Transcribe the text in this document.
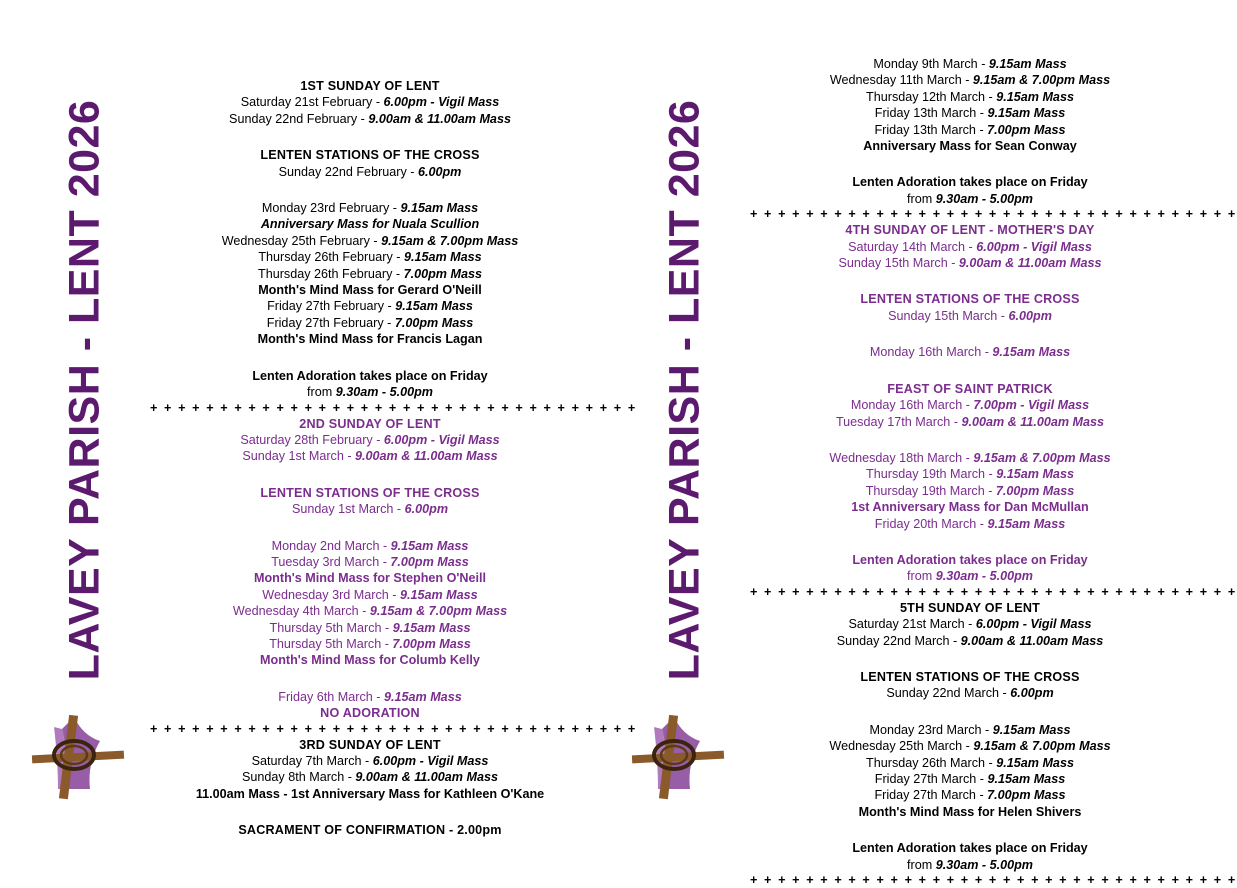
LAVEY PARISH - LENT 2026
1ST SUNDAY OF LENT
Saturday 21st February - 6.00pm - Vigil Mass
Sunday 22nd February - 9.00am & 11.00am Mass
LENTEN STATIONS OF THE CROSS
Sunday 22nd February - 6.00pm
Monday 23rd February - 9.15am Mass
Anniversary Mass for Nuala Scullion
Wednesday 25th February - 9.15am & 7.00pm Mass
Thursday 26th February - 9.15am Mass
Thursday 26th February - 7.00pm Mass
Month's Mind Mass for Gerard O'Neill
Friday 27th February - 9.15am Mass
Friday 27th February - 7.00pm Mass
Month's Mind Mass for Francis Lagan
Lenten Adoration takes place on Friday
from 9.30am - 5.00pm
+ + + + + + + + + + + + + + + + + + + + + + + + + + + + + + + + + + +
2ND SUNDAY OF LENT
Saturday 28th February - 6.00pm - Vigil Mass
Sunday 1st March - 9.00am & 11.00am Mass
LENTEN STATIONS OF THE CROSS
Sunday 1st March - 6.00pm
Monday 2nd March - 9.15am Mass
Tuesday 3rd March - 7.00pm Mass
Month's Mind Mass for Stephen O'Neill
Wednesday 3rd March - 9.15am Mass
Wednesday 4th March - 9.15am & 7.00pm Mass
Thursday 5th March - 9.15am Mass
Thursday 5th March - 7.00pm Mass
Month's Mind Mass for Columb Kelly
Friday 6th March - 9.15am Mass
NO ADORATION
+ + + + + + + + + + + + + + + + + + + + + + + + + + + + + + + + + + +
3RD SUNDAY OF LENT
Saturday 7th March - 6.00pm - Vigil Mass
Sunday 8th March - 9.00am & 11.00am Mass
11.00am Mass - 1st Anniversary Mass for Kathleen O'Kane
SACRAMENT OF CONFIRMATION - 2.00pm
LAVEY PARISH - LENT 2026
Monday 9th March - 9.15am Mass
Wednesday 11th March - 9.15am & 7.00pm Mass
Thursday 12th March - 9.15am Mass
Friday 13th March - 9.15am Mass
Friday 13th March - 7.00pm Mass
Anniversary Mass for Sean Conway
Lenten Adoration takes place on Friday
from 9.30am - 5.00pm
+ + + + + + + + + + + + + + + + + + + + + + + + + + + + + + + + + + +
4TH SUNDAY OF LENT - MOTHER'S DAY
Saturday 14th March - 6.00pm - Vigil Mass
Sunday 15th March - 9.00am & 11.00am Mass
LENTEN STATIONS OF THE CROSS
Sunday 15th March - 6.00pm
Monday 16th March - 9.15am Mass
FEAST OF SAINT PATRICK
Monday 16th March - 7.00pm - Vigil Mass
Tuesday 17th March - 9.00am & 11.00am Mass
Wednesday 18th March - 9.15am & 7.00pm Mass
Thursday 19th March - 9.15am Mass
Thursday 19th March - 7.00pm Mass
1st Anniversary Mass for Dan McMullan
Friday 20th March - 9.15am Mass
Lenten Adoration takes place on Friday
from 9.30am - 5.00pm
+ + + + + + + + + + + + + + + + + + + + + + + + + + + + + + + + + + +
5TH SUNDAY OF LENT
Saturday 21st March - 6.00pm - Vigil Mass
Sunday 22nd March - 9.00am & 11.00am Mass
LENTEN STATIONS OF THE CROSS
Sunday 22nd March - 6.00pm
Monday 23rd March - 9.15am Mass
Wednesday 25th March - 9.15am & 7.00pm Mass
Thursday 26th March - 9.15am Mass
Friday 27th March - 9.15am Mass
Friday 27th March - 7.00pm Mass
Month's Mind Mass for Helen Shivers
Lenten Adoration takes place on Friday
from 9.30am - 5.00pm
+ + + + + + + + + + + + + + + + + + + + + + + + + + + + + + + + + + +
